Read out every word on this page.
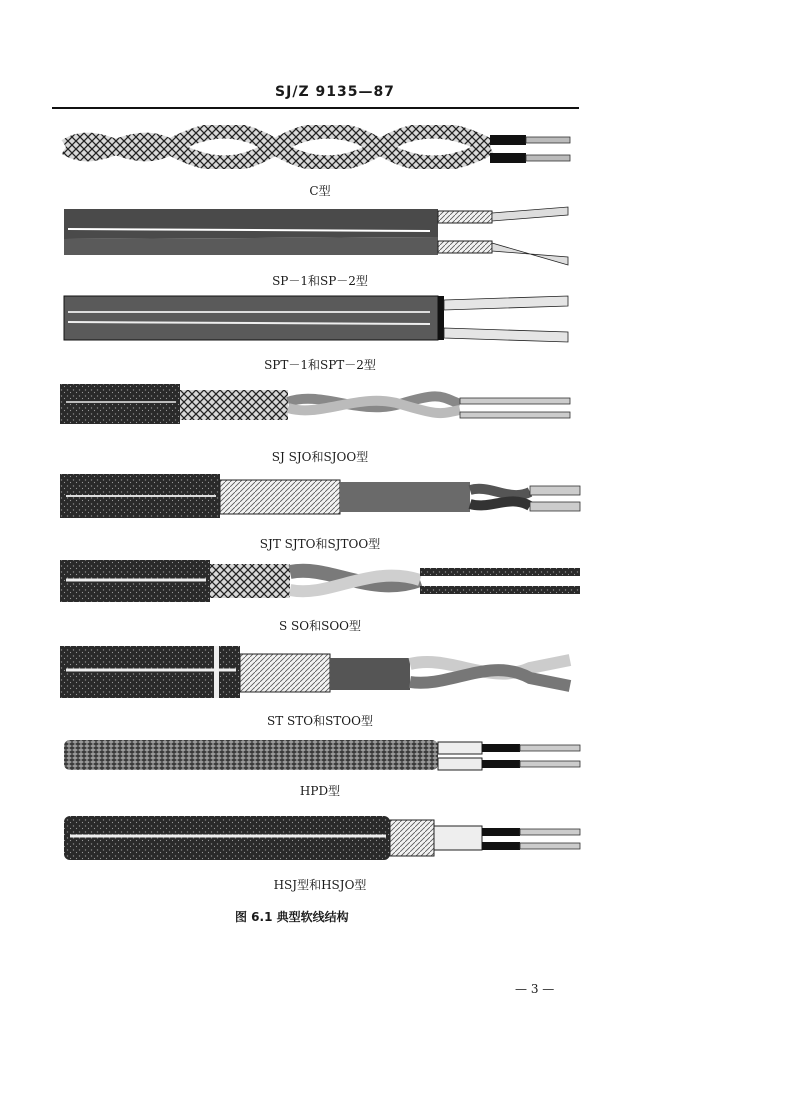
SJ/Z 9135—87
C型
SP－1和SP－2型
SPT－1和SPT－2型
SJ SJO和SJOO型
SJT SJTO和SJTOO型
S SO和SOO型
ST STO和STOO型
HPD型
HSJ型和HSJO型
图 6.1 典型软线结构
— 3 —
